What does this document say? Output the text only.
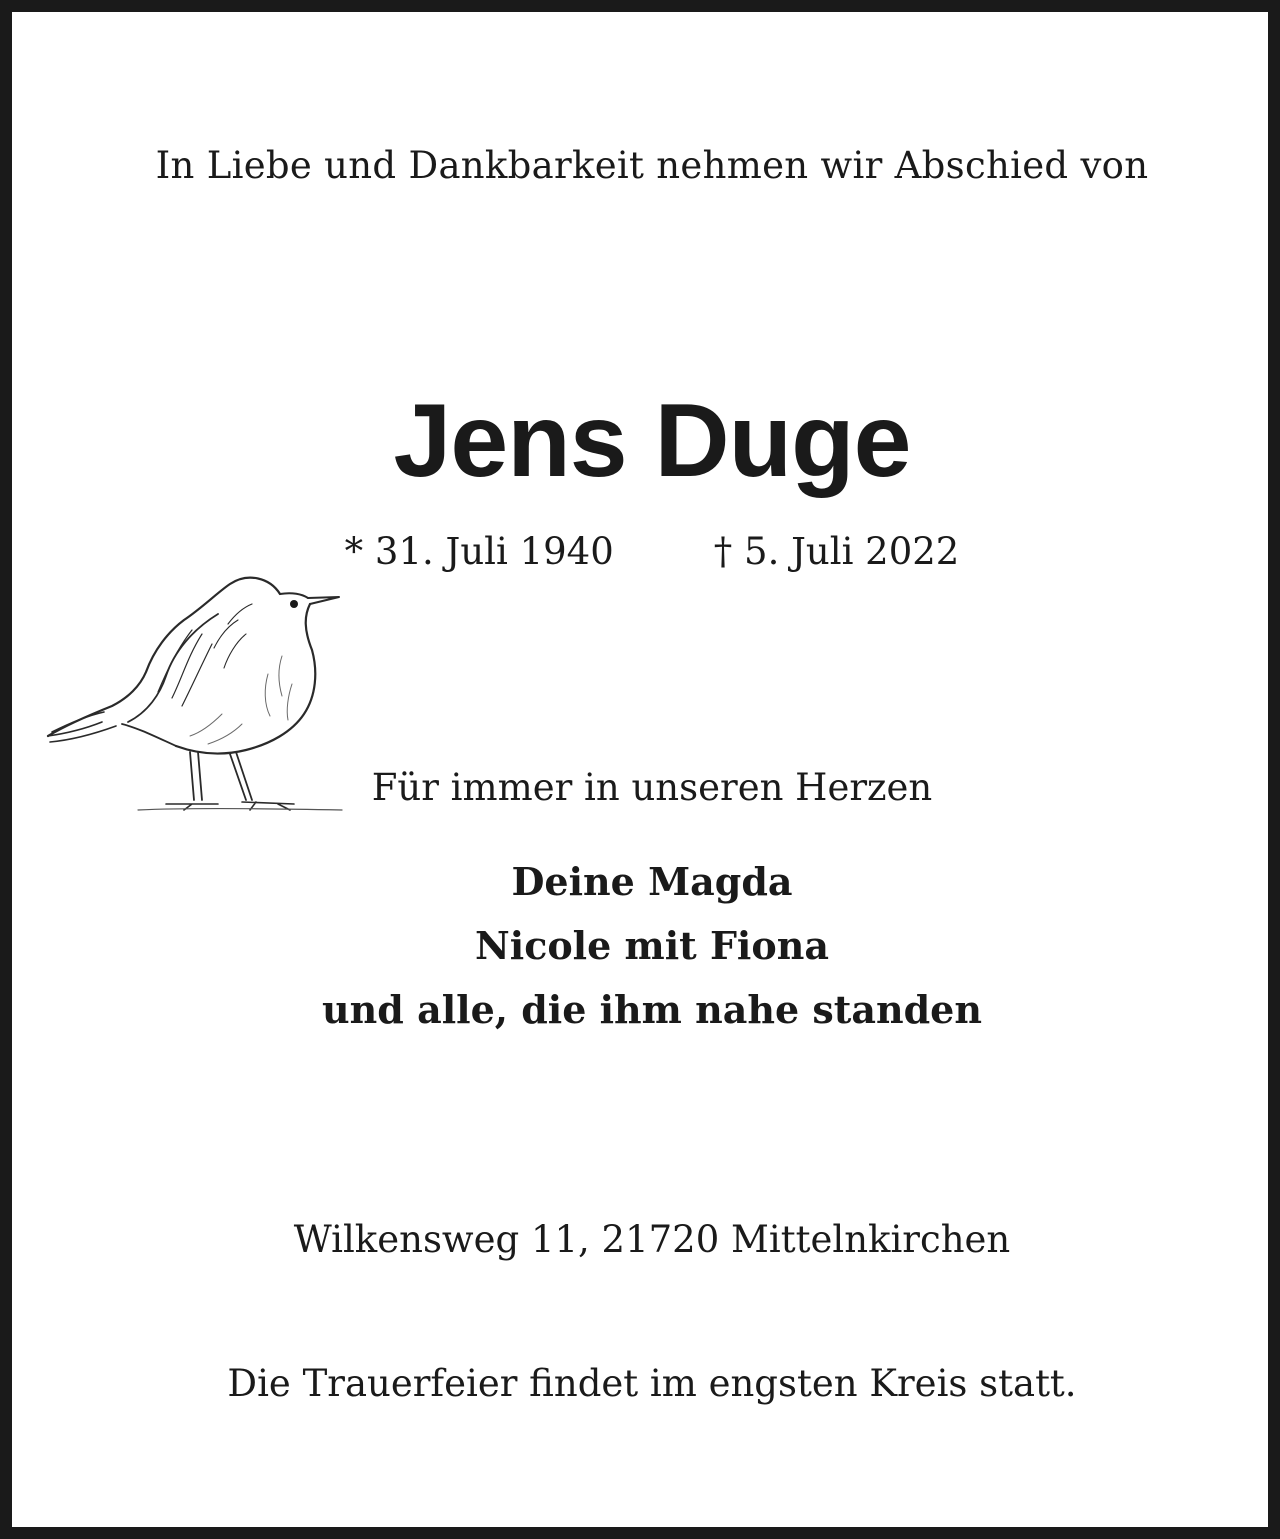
In Liebe und Dankbarkeit nehmen wir Abschied von
Jens Duge
* 31. Juli 1940	† 5. Juli 2022
Für immer in unseren Herzen
Deine Magda
Nicole mit Fiona
und alle, die ihm nahe standen
Wilkensweg 11, 21720 Mittelnkirchen
Die Trauerfeier findet im engsten Kreis statt.
